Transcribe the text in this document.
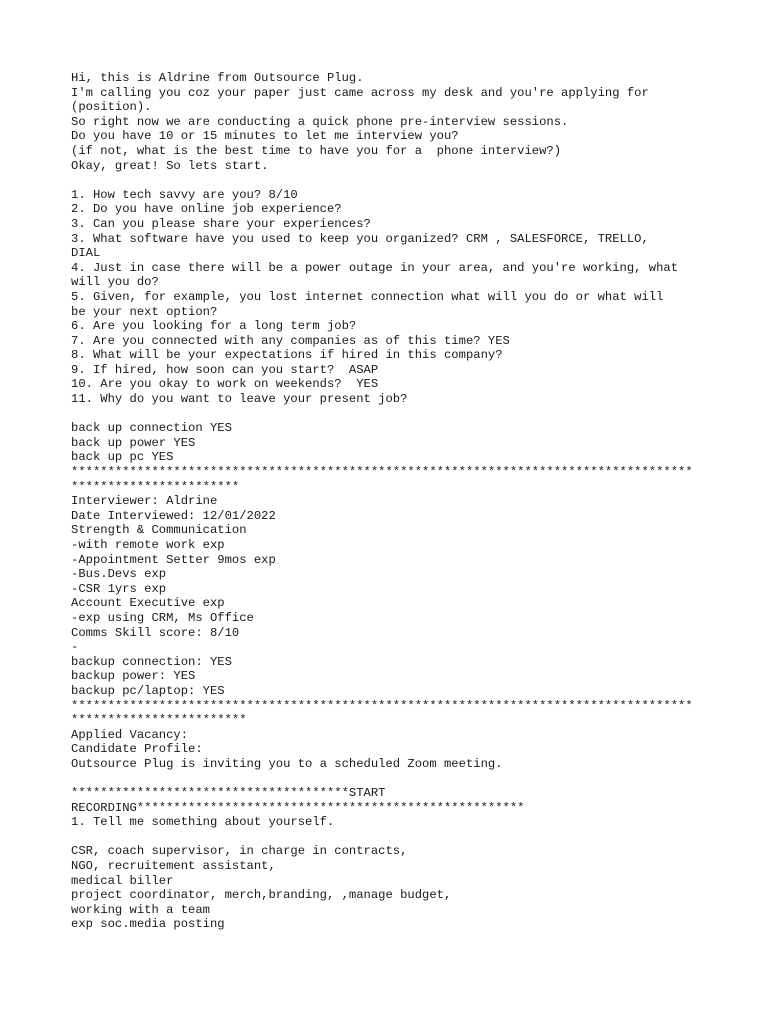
Hi, this is Aldrine from Outsource Plug.
I'm calling you coz your paper just came across my desk and you're applying for
(position).
So right now we are conducting a quick phone pre-interview sessions.
Do you have 10 or 15 minutes to let me interview you?
(if not, what is the best time to have you for a  phone interview?)
Okay, great! So lets start.
1. How tech savvy are you? 8/10
2. Do you have online job experience?
3. Can you please share your experiences?
3. What software have you used to keep you organized? CRM , SALESFORCE, TRELLO,
DIAL
4. Just in case there will be a power outage in your area, and you're working, what
will you do?
5. Given, for example, you lost internet connection what will you do or what will
be your next option?
6. Are you looking for a long term job?
7. Are you connected with any companies as of this time? YES
8. What will be your expectations if hired in this company?
9. If hired, how soon can you start?  ASAP
10. Are you okay to work on weekends?  YES
11. Why do you want to leave your present job?
back up connection YES
back up power YES
back up pc YES
*************************************************************************************
***********************
Interviewer: Aldrine
Date Interviewed: 12/01/2022
Strength & Communication
-with remote work exp
-Appointment Setter 9mos exp
-Bus.Devs exp
-CSR 1yrs exp
Account Executive exp
-exp using CRM, Ms Office
Comms Skill score: 8/10
-
backup connection: YES
backup power: YES
backup pc/laptop: YES
*************************************************************************************
************************
Applied Vacancy:
Candidate Profile:
Outsource Plug is inviting you to a scheduled Zoom meeting.
**************************************START
RECORDING*****************************************************
1. Tell me something about yourself.
CSR, coach supervisor, in charge in contracts,
NGO, recruitement assistant,
medical biller
project coordinator, merch,branding, ,manage budget,
working with a team
exp soc.media posting
